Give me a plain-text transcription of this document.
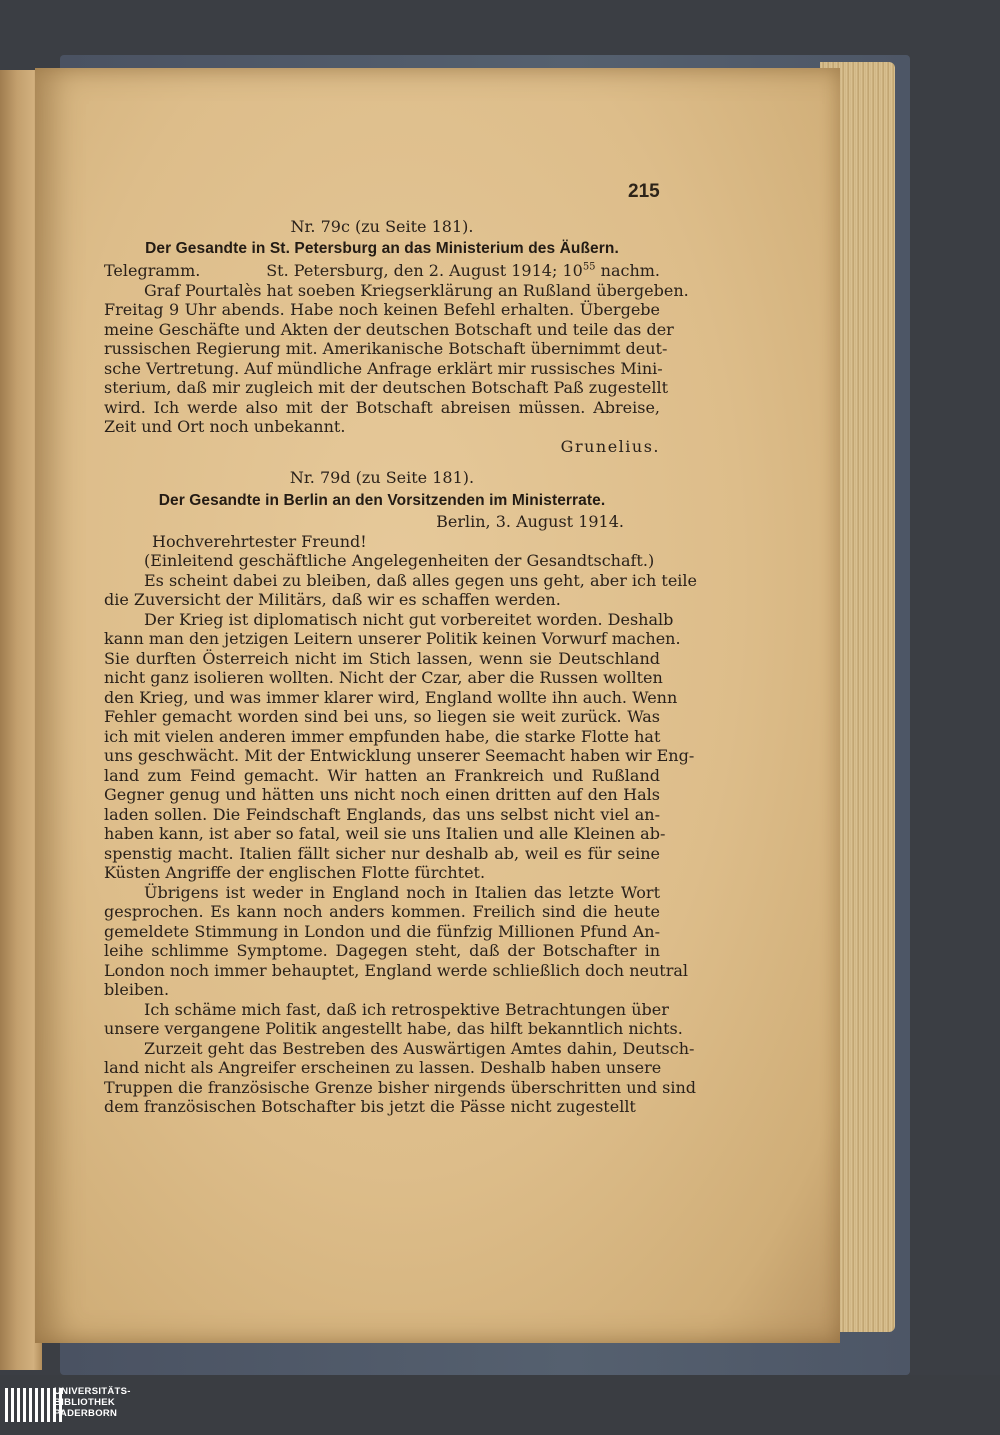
215
Nr. 79c (zu Seite 181).
Der Gesandte in St. Petersburg an das Ministerium des Äußern.
Telegramm.	St. Petersburg, den 2. August 1914; $10^{55}$ nachm.
Graf Pourtalès hat soeben Kriegserklärung an Rußland übergeben.
Freitag 9 Uhr abends. Habe noch keinen Befehl erhalten. Übergebe
meine Geschäfte und Akten der deutschen Botschaft und teile das der
russischen Regierung mit. Amerikanische Botschaft übernimmt deut-
sche Vertretung. Auf mündliche Anfrage erklärt mir russisches Mini-
sterium, daß mir zugleich mit der deutschen Botschaft Paß zugestellt
wird. Ich werde also mit der Botschaft abreisen müssen. Abreise,
Zeit und Ort noch unbekannt.
Grunelius.
Nr. 79d (zu Seite 181).
Der Gesandte in Berlin an den Vorsitzenden im Ministerrate.
Berlin, 3. August 1914.
Hochverehrtester Freund!
(Einleitend geschäftliche Angelegenheiten der Gesandtschaft.)
Es scheint dabei zu bleiben, daß alles gegen uns geht, aber ich teile
die Zuversicht der Militärs, daß wir es schaffen werden.
Der Krieg ist diplomatisch nicht gut vorbereitet worden. Deshalb
kann man den jetzigen Leitern unserer Politik keinen Vorwurf machen.
Sie durften Österreich nicht im Stich lassen, wenn sie Deutschland
nicht ganz isolieren wollten. Nicht der Czar, aber die Russen wollten
den Krieg, und was immer klarer wird, England wollte ihn auch. Wenn
Fehler gemacht worden sind bei uns, so liegen sie weit zurück. Was
ich mit vielen anderen immer empfunden habe, die starke Flotte hat
uns geschwächt. Mit der Entwicklung unserer Seemacht haben wir Eng-
land zum Feind gemacht. Wir hatten an Frankreich und Rußland
Gegner genug und hätten uns nicht noch einen dritten auf den Hals
laden sollen. Die Feindschaft Englands, das uns selbst nicht viel an-
haben kann, ist aber so fatal, weil sie uns Italien und alle Kleinen ab-
spenstig macht. Italien fällt sicher nur deshalb ab, weil es für seine
Küsten Angriffe der englischen Flotte fürchtet.
Übrigens ist weder in England noch in Italien das letzte Wort
gesprochen. Es kann noch anders kommen. Freilich sind die heute
gemeldete Stimmung in London und die fünfzig Millionen Pfund An-
leihe schlimme Symptome. Dagegen steht, daß der Botschafter in
London noch immer behauptet, England werde schließlich doch neutral
bleiben.
Ich schäme mich fast, daß ich retrospektive Betrachtungen über
unsere vergangene Politik angestellt habe, das hilft bekanntlich nichts.
Zurzeit geht das Bestreben des Auswärtigen Amtes dahin, Deutsch-
land nicht als Angreifer erscheinen zu lassen. Deshalb haben unsere
Truppen die französische Grenze bisher nirgends überschritten und sind
dem französischen Botschafter bis jetzt die Pässe nicht zugestellt
UNIVERSITÄTS-
BIBLIOTHEK
PADERBORN
